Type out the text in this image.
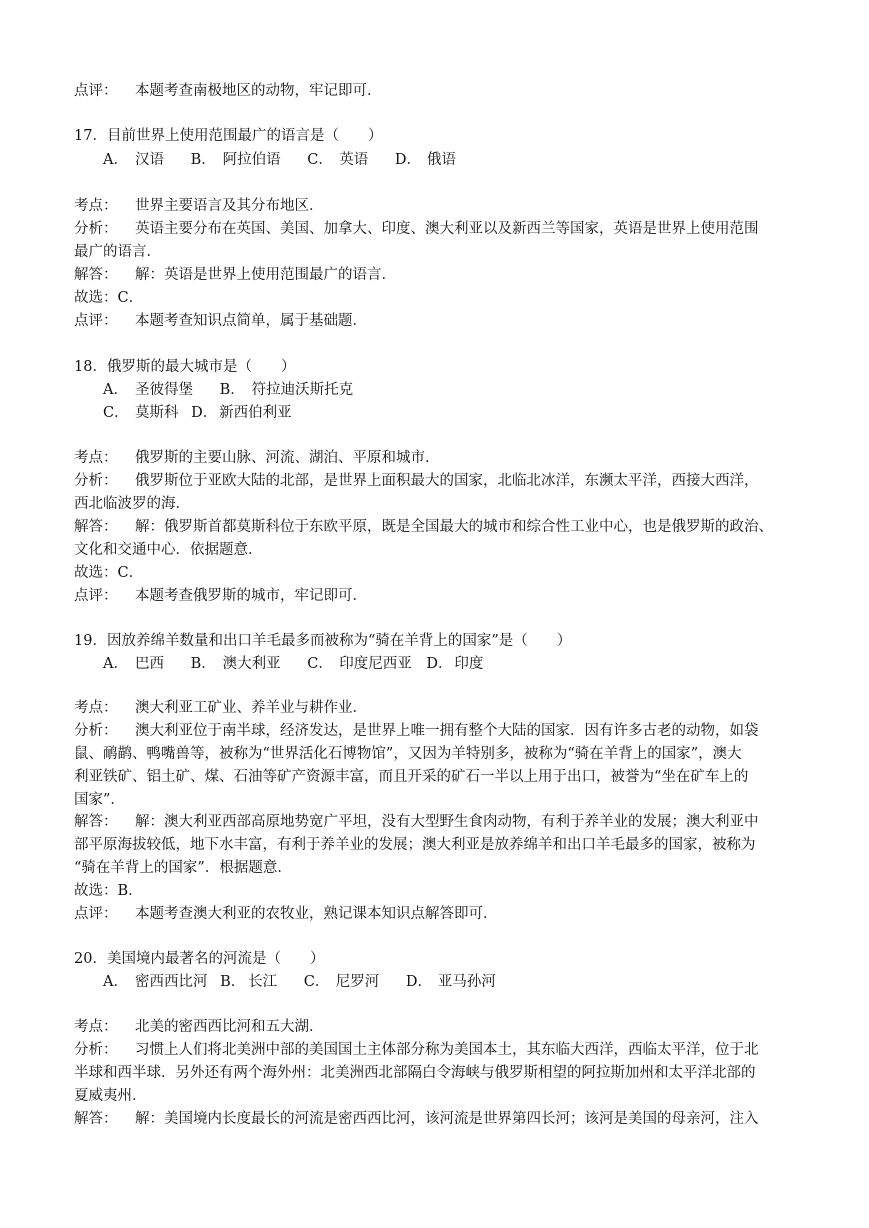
点评： 本题考查南极地区的动物，牢记即可．
17．目前世界上使用范围最广的语言是（　　）
A． 汉语 B． 阿拉伯语 C． 英语 D． 俄语
考点： 世界主要语言及其分布地区．
分析： 英语主要分布在英国、美国、加拿大、印度、澳大利亚以及新西兰等国家，英语是世界上使用范围
最广的语言．
解答： 解：英语是世界上使用范围最广的语言．
故选：C．
点评： 本题考查知识点简单，属于基础题．
18．俄罗斯的最大城市是（　　）
A． 圣彼得堡 B． 符拉迪沃斯托克
C． 莫斯科 D． 新西伯利亚
考点： 俄罗斯的主要山脉、河流、湖泊、平原和城市．
分析： 俄罗斯位于亚欧大陆的北部，是世界上面积最大的国家，北临北冰洋，东濒太平洋，西接大西洋，
西北临波罗的海．
解答： 解：俄罗斯首都莫斯科位于东欧平原，既是全国最大的城市和综合性工业中心，也是俄罗斯的政治、
文化和交通中心．依据题意．
故选：C．
点评： 本题考查俄罗斯的城市，牢记即可．
19．因放养绵羊数量和出口羊毛最多而被称为“骑在羊背上的国家”是（　　）
A． 巴西 B． 澳大利亚 C． 印度尼西亚 D． 印度
考点： 澳大利亚工矿业、养羊业与耕作业．
分析： 澳大利亚位于南半球，经济发达，是世界上唯一拥有整个大陆的国家．因有许多古老的动物，如袋
鼠、鸸鹋、鸭嘴兽等，被称为“世界活化石博物馆”，又因为羊特别多，被称为“骑在羊背上的国家”，澳大
利亚铁矿、铝土矿、煤、石油等矿产资源丰富，而且开采的矿石一半以上用于出口，被誉为“坐在矿车上的
国家”．
解答： 解：澳大利亚西部高原地势宽广平坦，没有大型野生食肉动物，有利于养羊业的发展；澳大利亚中
部平原海拔较低，地下水丰富，有利于养羊业的发展；澳大利亚是放养绵羊和出口羊毛最多的国家，被称为
“骑在羊背上的国家”．根据题意．
故选：B．
点评： 本题考查澳大利亚的农牧业，熟记课本知识点解答即可．
20．美国境内最著名的河流是（　　）
A． 密西西比河 B． 长江 C． 尼罗河 D． 亚马孙河
考点： 北美的密西西比河和五大湖．
分析： 习惯上人们将北美洲中部的美国国土主体部分称为美国本土，其东临大西洋，西临太平洋，位于北
半球和西半球．另外还有两个海外州：北美洲西北部隔白令海峡与俄罗斯相望的阿拉斯加州和太平洋北部的
夏威夷州．
解答： 解：美国境内长度最长的河流是密西西比河，该河流是世界第四长河；该河是美国的母亲河，注入
